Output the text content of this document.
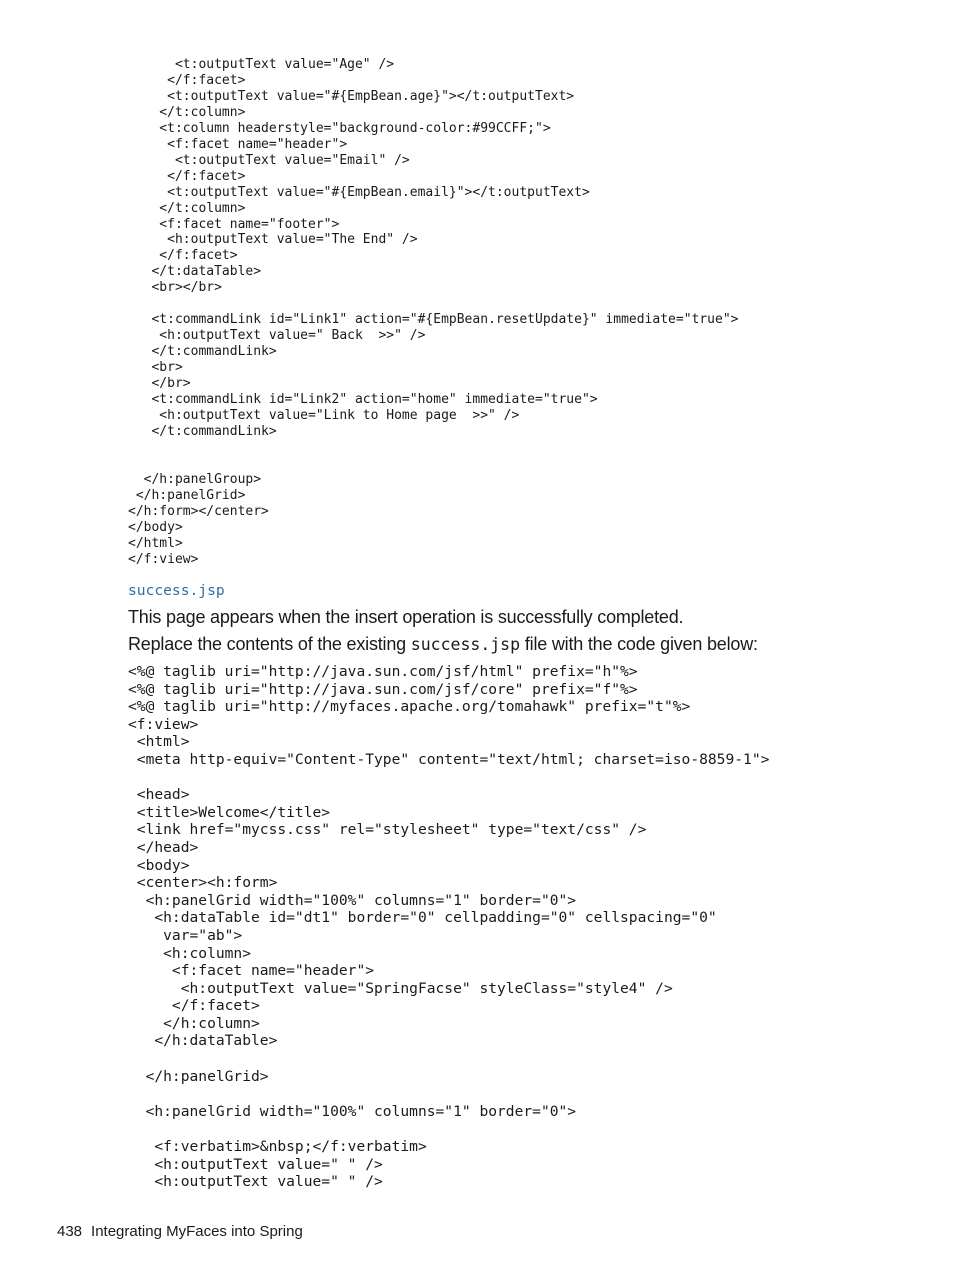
<t:outputText value="Age" />
</f:facet>
<t:outputText value="#{EmpBean.age}"></t:outputText>
</t:column>
<t:column headerstyle="background-color:#99CCFF;">
<f:facet name="header">
<t:outputText value="Email" />
</f:facet>
<t:outputText value="#{EmpBean.email}"></t:outputText>
</t:column>
<f:facet name="footer">
<h:outputText value="The End" />
</f:facet>
</t:dataTable>
<br></br>

<t:commandLink id="Link1" action="#{EmpBean.resetUpdate}" immediate="true">
<h:outputText value=" Back  >>" />
</t:commandLink>
<br>
</br>
<t:commandLink id="Link2" action="home" immediate="true">
<h:outputText value="Link to Home page  >>" />
</t:commandLink>

</h:panelGroup>
</h:panelGrid>
</h:form></center>
</body>
</html>
</f:view>
success.jsp
This page appears when the insert operation is successfully completed.
Replace the contents of the existing success.jsp file with the code given below:
<%@ taglib uri="http://java.sun.com/jsf/html" prefix="h"%>
<%@ taglib uri="http://java.sun.com/jsf/core" prefix="f"%>
<%@ taglib uri="http://myfaces.apache.org/tomahawk" prefix="t"%>
<f:view>
<html>
<meta http-equiv="Content-Type" content="text/html; charset=iso-8859-1">

<head>
<title>Welcome</title>
<link href="mycss.css" rel="stylesheet" type="text/css" />
</head>
<body>
<center><h:form>
<h:panelGrid width="100%" columns="1" border="0">
<h:dataTable id="dt1" border="0" cellpadding="0" cellspacing="0"
var="ab">
<h:column>
<f:facet name="header">
<h:outputText value="SpringFacse" styleClass="style4" />
</f:facet>
</h:column>
</h:dataTable>

</h:panelGrid>

<h:panelGrid width="100%" columns="1" border="0">

<f:verbatim>&nbsp;</f:verbatim>
<h:outputText value=" " />
<h:outputText value=" " />
438 Integrating MyFaces into Spring
